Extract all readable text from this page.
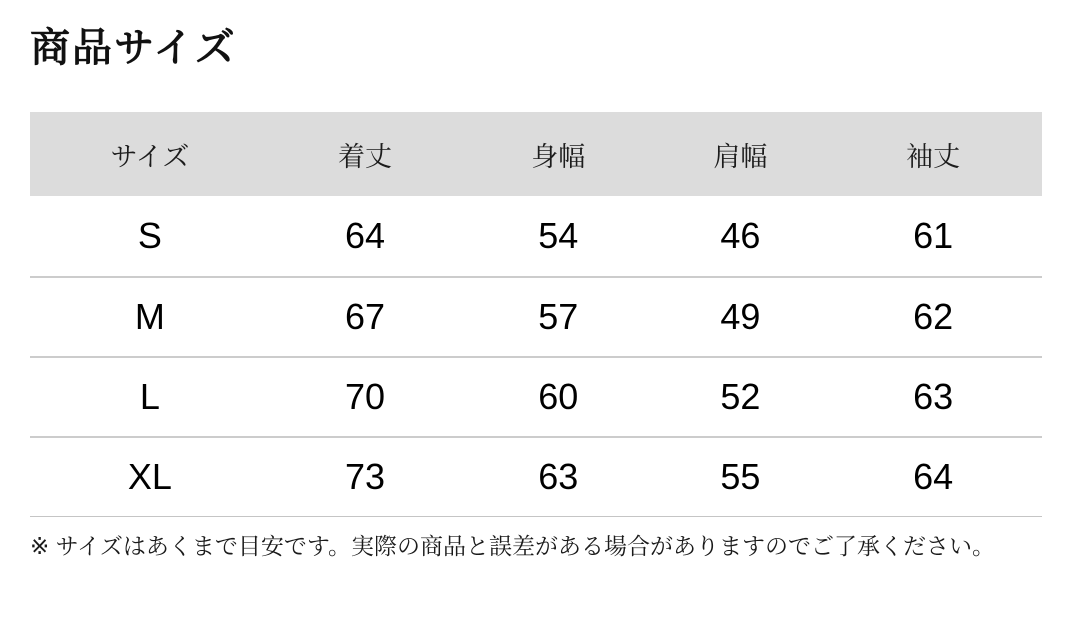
商品サイズ
サイズ	着丈	身幅	肩幅	袖丈
S	64	54	46	61
M	67	57	49	62
L	70	60	52	63
XL	73	63	55	64

※ サイズはあくまで目安です。実際の商品と誤差がある場合がありますのでご了承ください。
